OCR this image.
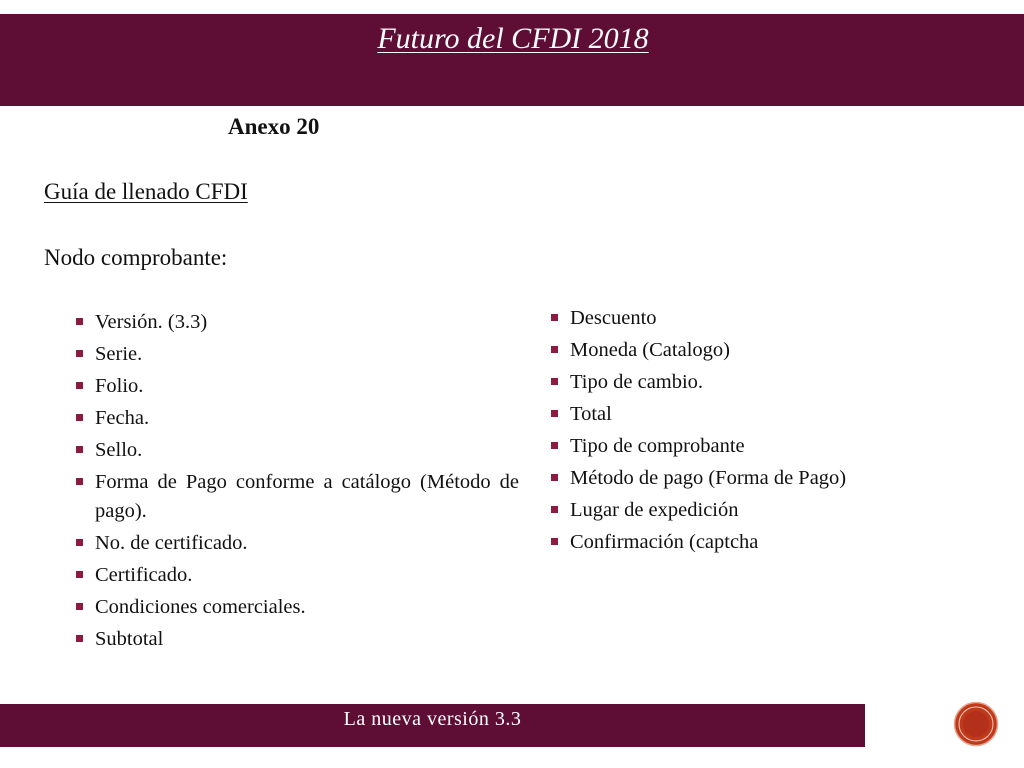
Futuro del CFDI 2018
Anexo 20
Guía de llenado CFDI
Nodo comprobante:
Versión. (3.3)
Serie.
Folio.
Fecha.
Sello.
Forma de Pago conforme a catálogo (Método de pago).
No. de certificado.
Certificado.
Condiciones comerciales.
Subtotal
Descuento
Moneda (Catalogo)
Tipo de cambio.
Total
Tipo de comprobante
Método de pago (Forma de Pago)
Lugar de expedición
Confirmación (captcha
La nueva versión 3.3
